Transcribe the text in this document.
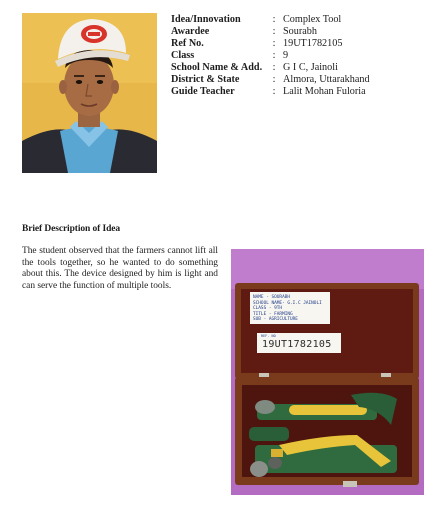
Idea/Innovation	:	Complex Tool
Awardee	:	Sourabh
Ref No.	:	19UT1782105
Class	:	9
School Name & Add.	:	G I C, Jainoli
District & State	:	Almora, Uttarakhand
Guide Teacher	:	Lalit Mohan Fuloria
Brief Description of Idea

The student observed that the farmers cannot lift all the tools together, so he wanted to do something about this. The device designed by him is light and can serve the function of multiple tools.

NAME - SOURABH
SCHOOL NAME- G.I.C JAINOLI
CLASS - 9TH
TITLE - FARMING
SUB - AGRICULTURE
REF. NO
19UT1782105
